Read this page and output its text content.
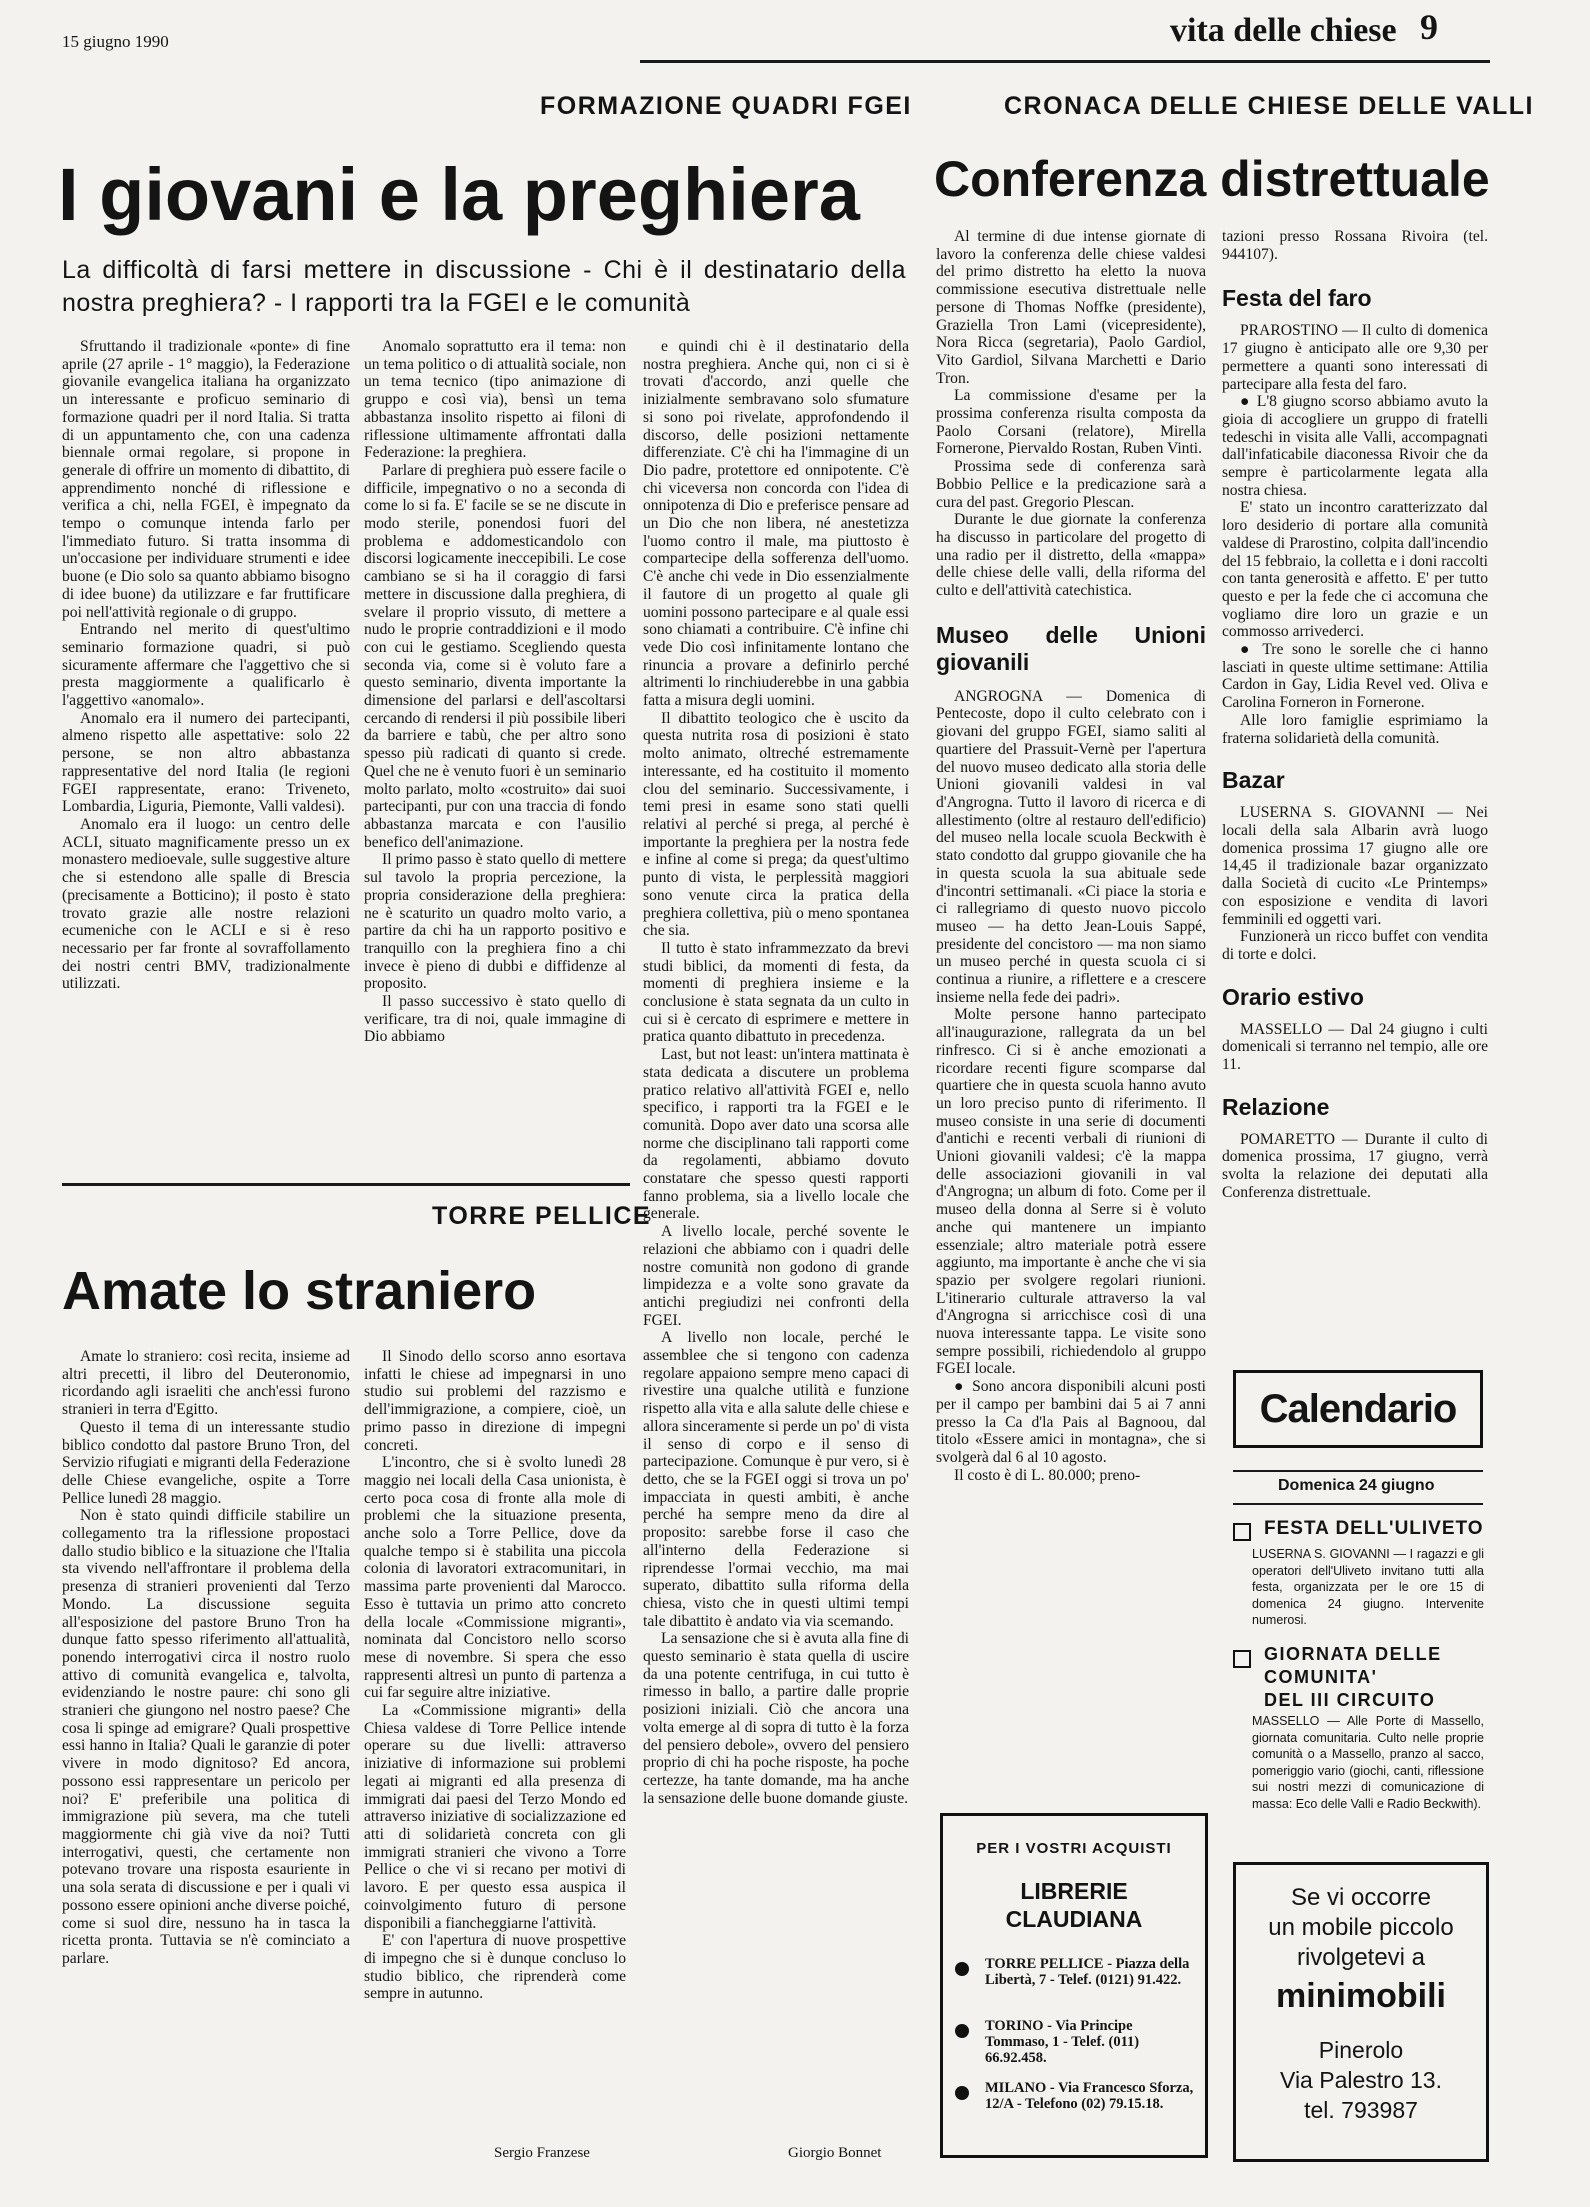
15 giugno 1990	vita delle chiese 9
FORMAZIONE QUADRI FGEI
I giovani e la preghiera
La difficoltà di farsi mettere in discussione - Chi è il destinatario della nostra preghiera? - I rapporti tra la FGEI e le comunità

Sfruttando il tradizionale «ponte» di fine aprile (27 aprile - 1° maggio), la Federazione giovanile evangelica italiana ha organizzato un interessante e proficuo seminario di formazione quadri per il nord Italia. Si tratta di un appuntamento che, con una cadenza biennale ormai regolare, si propone in generale di offrire un momento di dibattito, di apprendimento nonché di riflessione e verifica a chi, nella FGEI, è impegnato da tempo o comunque intenda farlo per l'immediato futuro. Si tratta insomma di un'occasione per individuare strumenti e idee buone (e Dio solo sa quanto abbiamo bisogno di idee buone) da utilizzare e far fruttificare poi nell'attività regionale o di gruppo.

Entrando nel merito di quest'ultimo seminario formazione quadri, si può sicuramente affermare che l'aggettivo che si presta maggiormente a qualificarlo è l'aggettivo «anomalo».

Anomalo era il numero dei partecipanti, almeno rispetto alle aspettative: solo 22 persone, se non altro abbastanza rappresentative del nord Italia (le regioni FGEI rappresentate, erano: Triveneto, Lombardia, Liguria, Piemonte, Valli valdesi).

Anomalo era il luogo: un centro delle ACLI, situato magnificamente presso un ex monastero medioevale, sulle suggestive alture che si estendono alle spalle di Brescia (precisamente a Botticino); il posto è stato trovato grazie alle nostre relazioni ecumeniche con le ACLI e si è reso necessario per far fronte al sovraffollamento dei nostri centri BMV, tradizionalmente utilizzati.

Anomalo soprattutto era il tema: non un tema politico o di attualità sociale, non un tema tecnico (tipo animazione di gruppo e così via), bensì un tema abbastanza insolito rispetto ai filoni di riflessione ultimamente affrontati dalla Federazione: la preghiera.

Parlare di preghiera può essere facile o difficile, impegnativo o no a seconda di come lo si fa. E' facile se se ne discute in modo sterile, ponendosi fuori del problema e addomesticandolo con discorsi logicamente ineccepibili. Le cose cambiano se si ha il coraggio di farsi mettere in discussione dalla preghiera, di svelare il proprio vissuto, di mettere a nudo le proprie contraddizioni e il modo con cui le gestiamo. Scegliendo questa seconda via, come si è voluto fare a questo seminario, diventa importante la dimensione del parlarsi e dell'ascoltarsi cercando di rendersi il più possibile liberi da barriere e tabù, che per altro sono spesso più radicati di quanto si crede. Quel che ne è venuto fuori è un seminario molto parlato, molto «costruito» dai suoi partecipanti, pur con una traccia di fondo abbastanza marcata e con l'ausilio benefico dell'animazione.

Il primo passo è stato quello di mettere sul tavolo la propria percezione, la propria considerazione della preghiera: ne è scaturito un quadro molto vario, a partire da chi ha un rapporto positivo e tranquillo con la preghiera fino a chi invece è pieno di dubbi e diffidenze al proposito.

Il passo successivo è stato quello di verificare, tra di noi, quale immagine di Dio abbiamo

e quindi chi è il destinatario della nostra preghiera. Anche qui, non ci si è trovati d'accordo, anzi quelle che inizialmente sembravano solo sfumature si sono poi rivelate, approfondendo il discorso, delle posizioni nettamente differenziate. C'è chi ha l'immagine di un Dio padre, protettore ed onnipotente. C'è chi viceversa non concorda con l'idea di onnipotenza di Dio e preferisce pensare ad un Dio che non libera, né anestetizza l'uomo contro il male, ma piuttosto è compartecipe della sofferenza dell'uomo. C'è anche chi vede in Dio essenzialmente il fautore di un progetto al quale gli uomini possono partecipare e al quale essi sono chiamati a contribuire. C'è infine chi vede Dio così infinitamente lontano che rinuncia a provare a definirlo perché altrimenti lo rinchiuderebbe in una gabbia fatta a misura degli uomini.

Il dibattito teologico che è uscito da questa nutrita rosa di posizioni è stato molto animato, oltreché estremamente interessante, ed ha costituito il momento clou del seminario. Successivamente, i temi presi in esame sono stati quelli relativi al perché si prega, al perché è importante la preghiera per la nostra fede e infine al come si prega; da quest'ultimo punto di vista, le perplessità maggiori sono venute circa la pratica della preghiera collettiva, più o meno spontanea che sia.

Il tutto è stato inframmezzato da brevi studi biblici, da momenti di festa, da momenti di preghiera insieme e la conclusione è stata segnata da un culto in cui si è cercato di esprimere e mettere in pratica quanto dibattuto in precedenza.

Last, but not least: un'intera mattinata è stata dedicata a discutere un problema pratico relativo all'attività FGEI e, nello specifico, i rapporti tra la FGEI e le comunità. Dopo aver dato una scorsa alle norme che disciplinano tali rapporti come da regolamenti, abbiamo dovuto constatare che spesso questi rapporti fanno problema, sia a livello locale che generale.

A livello locale, perché sovente le relazioni che abbiamo con i quadri delle nostre comunità non godono di grande limpidezza e a volte sono gravate da antichi pregiudizi nei confronti della FGEI.

A livello non locale, perché le assemblee che si tengono con cadenza regolare appaiono sempre meno capaci di rivestire una qualche utilità e funzione rispetto alla vita e alla salute delle chiese e allora sinceramente si perde un po' di vista il senso di corpo e il senso di partecipazione. Comunque è pur vero, si è detto, che se la FGEI oggi si trova un po' impacciata in questi ambiti, è anche perché ha sempre meno da dire al proposito: sarebbe forse il caso che all'interno della Federazione si riprendesse l'ormai vecchio, ma mai superato, dibattito sulla riforma della chiesa, visto che in questi ultimi tempi tale dibattito è andato via via scemando.

La sensazione che si è avuta alla fine di questo seminario è stata quella di uscire da una potente centrifuga, in cui tutto è rimesso in ballo, a partire dalle proprie posizioni iniziali. Ciò che ancora una volta emerge al di sopra di tutto è la forza del pensiero debole», ovvero del pensiero proprio di chi ha poche risposte, ha poche certezze, ha tante domande, ma ha anche la sensazione delle buone domande giuste.

Giorgio Bonnet
TORRE PELLICE
Amate lo straniero

Amate lo straniero: così recita, insieme ad altri precetti, il libro del Deuteronomio, ricordando agli israeliti che anch'essi furono stranieri in terra d'Egitto.

Questo il tema di un interessante studio biblico condotto dal pastore Bruno Tron, del Servizio rifugiati e migranti della Federazione delle Chiese evangeliche, ospite a Torre Pellice lunedì 28 maggio.

Non è stato quindi difficile stabilire un collegamento tra la riflessione propostaci dallo studio biblico e la situazione che l'Italia sta vivendo nell'affrontare il problema della presenza di stranieri provenienti dal Terzo Mondo. La discussione seguita all'esposizione del pastore Bruno Tron ha dunque fatto spesso riferimento all'attualità, ponendo interrogativi circa il nostro ruolo attivo di comunità evangelica e, talvolta, evidenziando le nostre paure: chi sono gli stranieri che giungono nel nostro paese? Che cosa li spinge ad emigrare? Quali prospettive essi hanno in Italia? Quali le garanzie di poter vivere in modo dignitoso? Ed ancora, possono essi rappresentare un pericolo per noi? E' preferibile una politica di immigrazione più severa, ma che tuteli maggiormente chi già vive da noi? Tutti interrogativi, questi, che certamente non potevano trovare una risposta esauriente in una sola serata di discussione e per i quali vi possono essere opinioni anche diverse poiché, come si suol dire, nessuno ha in tasca la ricetta pronta. Tuttavia se n'è cominciato a parlare.

Il Sinodo dello scorso anno esortava infatti le chiese ad impegnarsi in uno studio sui problemi del razzismo e dell'immigrazione, a compiere, cioè, un primo passo in direzione di impegni concreti.

L'incontro, che si è svolto lunedì 28 maggio nei locali della Casa unionista, è certo poca cosa di fronte alla mole di problemi che la situazione presenta, anche solo a Torre Pellice, dove da qualche tempo si è stabilita una piccola colonia di lavoratori extracomunitari, in massima parte provenienti dal Marocco. Esso è tuttavia un primo atto concreto della locale «Commissione migranti», nominata dal Concistoro nello scorso mese di novembre. Si spera che esso rappresenti altresì un punto di partenza a cui far seguire altre iniziative.

La «Commissione migranti» della Chiesa valdese di Torre Pellice intende operare su due livelli: attraverso iniziative di informazione sui problemi legati ai migranti ed alla presenza di immigrati dai paesi del Terzo Mondo ed attraverso iniziative di socializzazione ed atti di solidarietà concreta con gli immigrati stranieri che vivono a Torre Pellice o che vi si recano per motivi di lavoro. E per questo essa auspica il coinvolgimento futuro di persone disponibili a fiancheggiarne l'attività.

E' con l'apertura di nuove prospettive di impegno che si è dunque concluso lo studio biblico, che riprenderà come sempre in autunno.

Sergio Franzese
CRONACA DELLE CHIESE DELLE VALLI
Conferenza distrettuale

Al termine di due intense giornate di lavoro la conferenza delle chiese valdesi del primo distretto ha eletto la nuova commissione esecutiva distrettuale nelle persone di Thomas Noffke (presidente), Graziella Tron Lami (vicepresidente), Nora Ricca (segretaria), Paolo Gardiol, Vito Gardiol, Silvana Marchetti e Dario Tron.

La commissione d'esame per la prossima conferenza risulta composta da Paolo Corsani (relatore), Mirella Fornerone, Piervaldo Rostan, Ruben Vinti.

Prossima sede di conferenza sarà Bobbio Pellice e la predicazione sarà a cura del past. Gregorio Plescan.

Durante le due giornate la conferenza ha discusso in particolare del progetto di una radio per il distretto, della «mappa» delle chiese delle valli, della riforma del culto e dell'attività catechistica.

Museo delle Unioni giovanili

ANGROGNA — Domenica di Pentecoste, dopo il culto celebrato con i giovani del gruppo FGEI, siamo saliti al quartiere del Prassuit-Vernè per l'apertura del nuovo museo dedicato alla storia delle Unioni giovanili valdesi in val d'Angrogna. Tutto il lavoro di ricerca e di allestimento (oltre al restauro dell'edificio) del museo nella locale scuola Beckwith è stato condotto dal gruppo giovanile che ha in questa scuola la sua abituale sede d'incontri settimanali. «Ci piace la storia e ci rallegriamo di questo nuovo piccolo museo — ha detto Jean-Louis Sappé, presidente del concistoro — ma non siamo un museo perché in questa scuola ci si continua a riunire, a riflettere e a crescere insieme nella fede dei padri».

Molte persone hanno partecipato all'inaugurazione, rallegrata da un bel rinfresco. Ci si è anche emozionati a ricordare recenti figure scomparse dal quartiere che in questa scuola hanno avuto un loro preciso punto di riferimento. Il museo consiste in una serie di documenti d'antichi e recenti verbali di riunioni di Unioni giovanili valdesi; c'è la mappa delle associazioni giovanili in val d'Angrogna; un album di foto. Come per il museo della donna al Serre si è voluto anche qui mantenere un impianto essenziale; altro materiale potrà essere aggiunto, ma importante è anche che vi sia spazio per svolgere regolari riunioni. L'itinerario culturale attraverso la val d'Angrogna si arricchisce così di una nuova interessante tappa. Le visite sono sempre possibili, richiedendolo al gruppo FGEI locale.

● Sono ancora disponibili alcuni posti per il campo per bambini dai 5 ai 7 anni presso la Ca d'la Pais al Bagnoou, dal titolo «Essere amici in montagna», che si svolgerà dal 6 al 10 agosto.

Il costo è di L. 80.000; preno-

tazioni presso Rossana Rivoira (tel. 944107).

Festa del faro

PRAROSTINO — Il culto di domenica 17 giugno è anticipato alle ore 9,30 per permettere a quanti sono interessati di partecipare alla festa del faro.

● L'8 giugno scorso abbiamo avuto la gioia di accogliere un gruppo di fratelli tedeschi in visita alle Valli, accompagnati dall'infaticabile diaconessa Rivoir che da sempre è particolarmente legata alla nostra chiesa.

E' stato un incontro caratterizzato dal loro desiderio di portare alla comunità valdese di Prarostino, colpita dall'incendio del 15 febbraio, la colletta e i doni raccolti con tanta generosità e affetto. E' per tutto questo e per la fede che ci accomuna che vogliamo dire loro un grazie e un commosso arrivederci.

● Tre sono le sorelle che ci hanno lasciati in queste ultime settimane: Attilia Cardon in Gay, Lidia Revel ved. Oliva e Carolina Forneron in Fornerone.

Alle loro famiglie esprimiamo la fraterna solidarietà della comunità.

Bazar

LUSERNA S. GIOVANNI — Nei locali della sala Albarin avrà luogo domenica prossima 17 giugno alle ore 14,45 il tradizionale bazar organizzato dalla Società di cucito «Le Printemps» con esposizione e vendita di lavori femminili ed oggetti vari.

Funzionerà un ricco buffet con vendita di torte e dolci.

Orario estivo

MASSELLO — Dal 24 giugno i culti domenicali si terranno nel tempio, alle ore 11.

Relazione

POMARETTO — Durante il culto di domenica prossima, 17 giugno, verrà svolta la relazione dei deputati alla Conferenza distrettuale.

Calendario
Domenica 24 giugno
FESTA DELL'ULIVETO
LUSERNA S. GIOVANNI — I ragazzi e gli operatori dell'Uliveto invitano tutti alla festa, organizzata per le ore 15 di domenica 24 giugno. Intervenite numerosi.
GIORNATA DELLE
COMUNITA'
DEL III CIRCUITO
MASSELLO — Alle Porte di Massello, giornata comunitaria. Culto nelle proprie comunità o a Massello, pranzo al sacco, pomeriggio vario (giochi, canti, riflessione sui nostri mezzi di comunicazione di massa: Eco delle Valli e Radio Beckwith).
PER I VOSTRI ACQUISTI
LIBRERIE
CLAUDIANA
TORRE PELLICE - Piazza della Libertà, 7 - Telef. (0121) 91.422.
TORINO - Via Principe Tommaso, 1 - Telef. (011) 66.92.458.
MILANO - Via Francesco Sforza, 12/A - Telefono (02) 79.15.18.
Se vi occorre
un mobile piccolo
rivolgetevi a
minimobili
Pinerolo
Via Palestro 13.
tel. 793987
